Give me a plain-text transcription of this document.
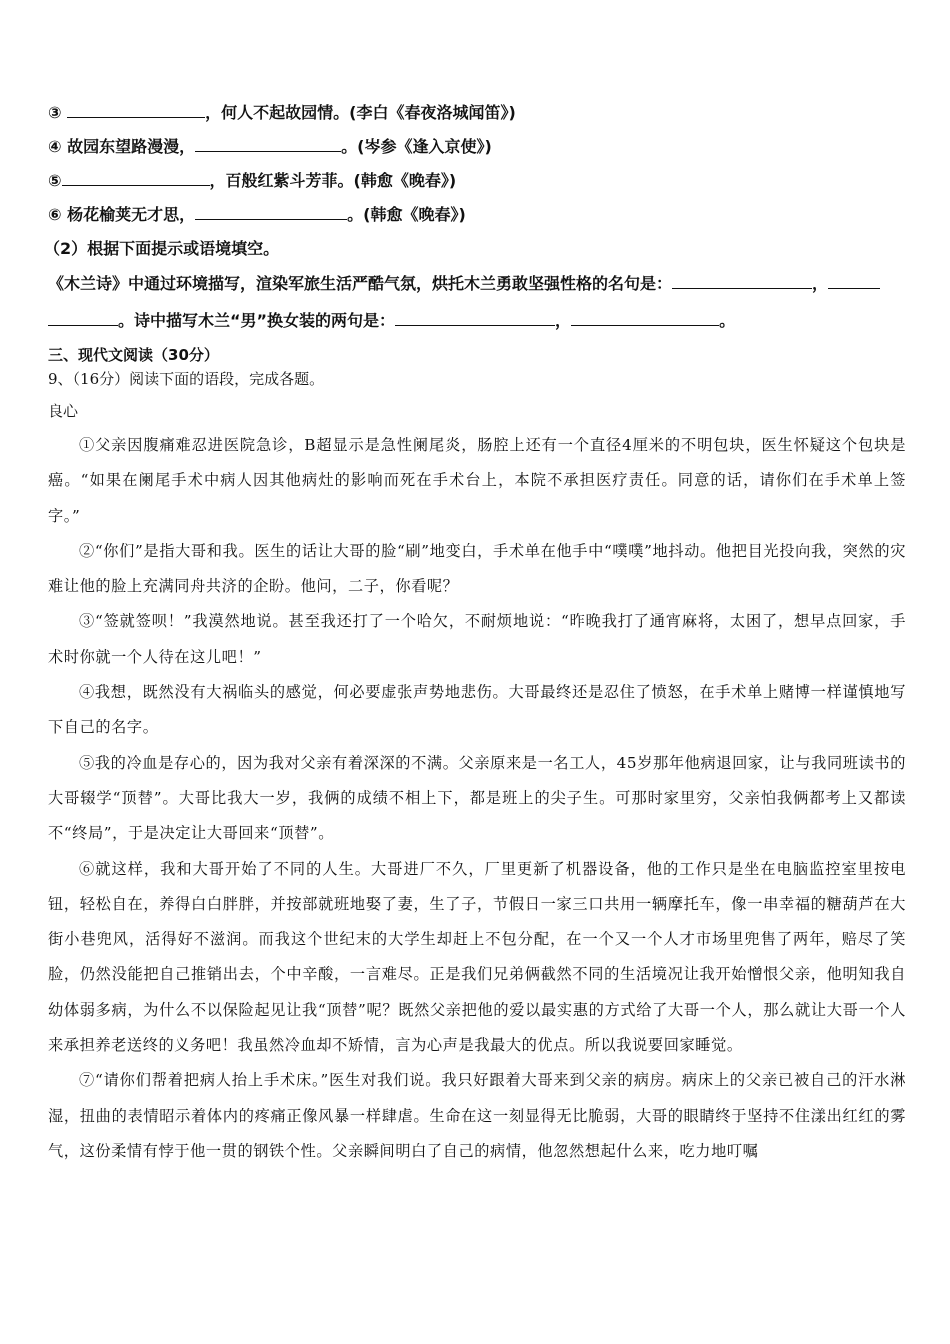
③	，何人不起故园情。(李白《春夜洛城闻笛》)
④ 故园东望路漫漫，	。(岑参《逢入京使》)
⑤	，百般红紫斗芳菲。(韩愈《晚春》)
⑥ 杨花榆荚无才思，	。(韩愈《晚春》)
（2）根据下面提示或语境填空。
《木兰诗》中通过环境描写，渲染军旅生活严酷气氛，烘托木兰勇敢坚强性格的名句是：	，
。诗中描写木兰“男”换女装的两句是：	，	。
三、现代文阅读（30分）
9、（16分）阅读下面的语段，完成各题。
良心

①父亲因腹痛难忍进医院急诊，B超显示是急性阑尾炎，肠腔上还有一个直径4厘米的不明包块，医生怀疑这个包块是癌。“如果在阑尾手术中病人因其他病灶的影响而死在手术台上，本院不承担医疗责任。同意的话，请你们在手术单上签字。”

②“你们”是指大哥和我。医生的话让大哥的脸“刷”地变白，手术单在他手中“噗噗”地抖动。他把目光投向我，突然的灾难让他的脸上充满同舟共济的企盼。他问，二子，你看呢？

③“签就签呗！”我漠然地说。甚至我还打了一个哈欠，不耐烦地说：“昨晚我打了通宵麻将，太困了，想早点回家，手术时你就一个人待在这儿吧！”

④我想，既然没有大祸临头的感觉，何必要虚张声势地悲伤。大哥最终还是忍住了愤怒，在手术单上赌博一样谨慎地写下自己的名字。

⑤我的冷血是存心的，因为我对父亲有着深深的不满。父亲原来是一名工人，45岁那年他病退回家，让与我同班读书的大哥辍学“顶替”。大哥比我大一岁，我俩的成绩不相上下，都是班上的尖子生。可那时家里穷，父亲怕我俩都考上又都读不“终局”，于是决定让大哥回来“顶替”。

⑥就这样，我和大哥开始了不同的人生。大哥进厂不久，厂里更新了机器设备，他的工作只是坐在电脑监控室里按电钮，轻松自在，养得白白胖胖，并按部就班地娶了妻，生了子，节假日一家三口共用一辆摩托车，像一串幸福的糖葫芦在大街小巷兜风，活得好不滋润。而我这个世纪末的大学生却赶上不包分配，在一个又一个人才市场里兜售了两年，赔尽了笑脸，仍然没能把自己推销出去，个中辛酸，一言难尽。正是我们兄弟俩截然不同的生活境况让我开始憎恨父亲，他明知我自幼体弱多病，为什么不以保险起见让我“顶替”呢？既然父亲把他的爱以最实惠的方式给了大哥一个人，那么就让大哥一个人来承担养老送终的义务吧！我虽然冷血却不矫情，言为心声是我最大的优点。所以我说要回家睡觉。

⑦“请你们帮着把病人抬上手术床。”医生对我们说。我只好跟着大哥来到父亲的病房。病床上的父亲已被自己的汗水淋湿，扭曲的表情昭示着体内的疼痛正像风暴一样肆虐。生命在这一刻显得无比脆弱，大哥的眼睛终于坚持不住漾出红红的雾气，这份柔情有悖于他一贯的钢铁个性。父亲瞬间明白了自己的病情，他忽然想起什么来，吃力地叮嘱
